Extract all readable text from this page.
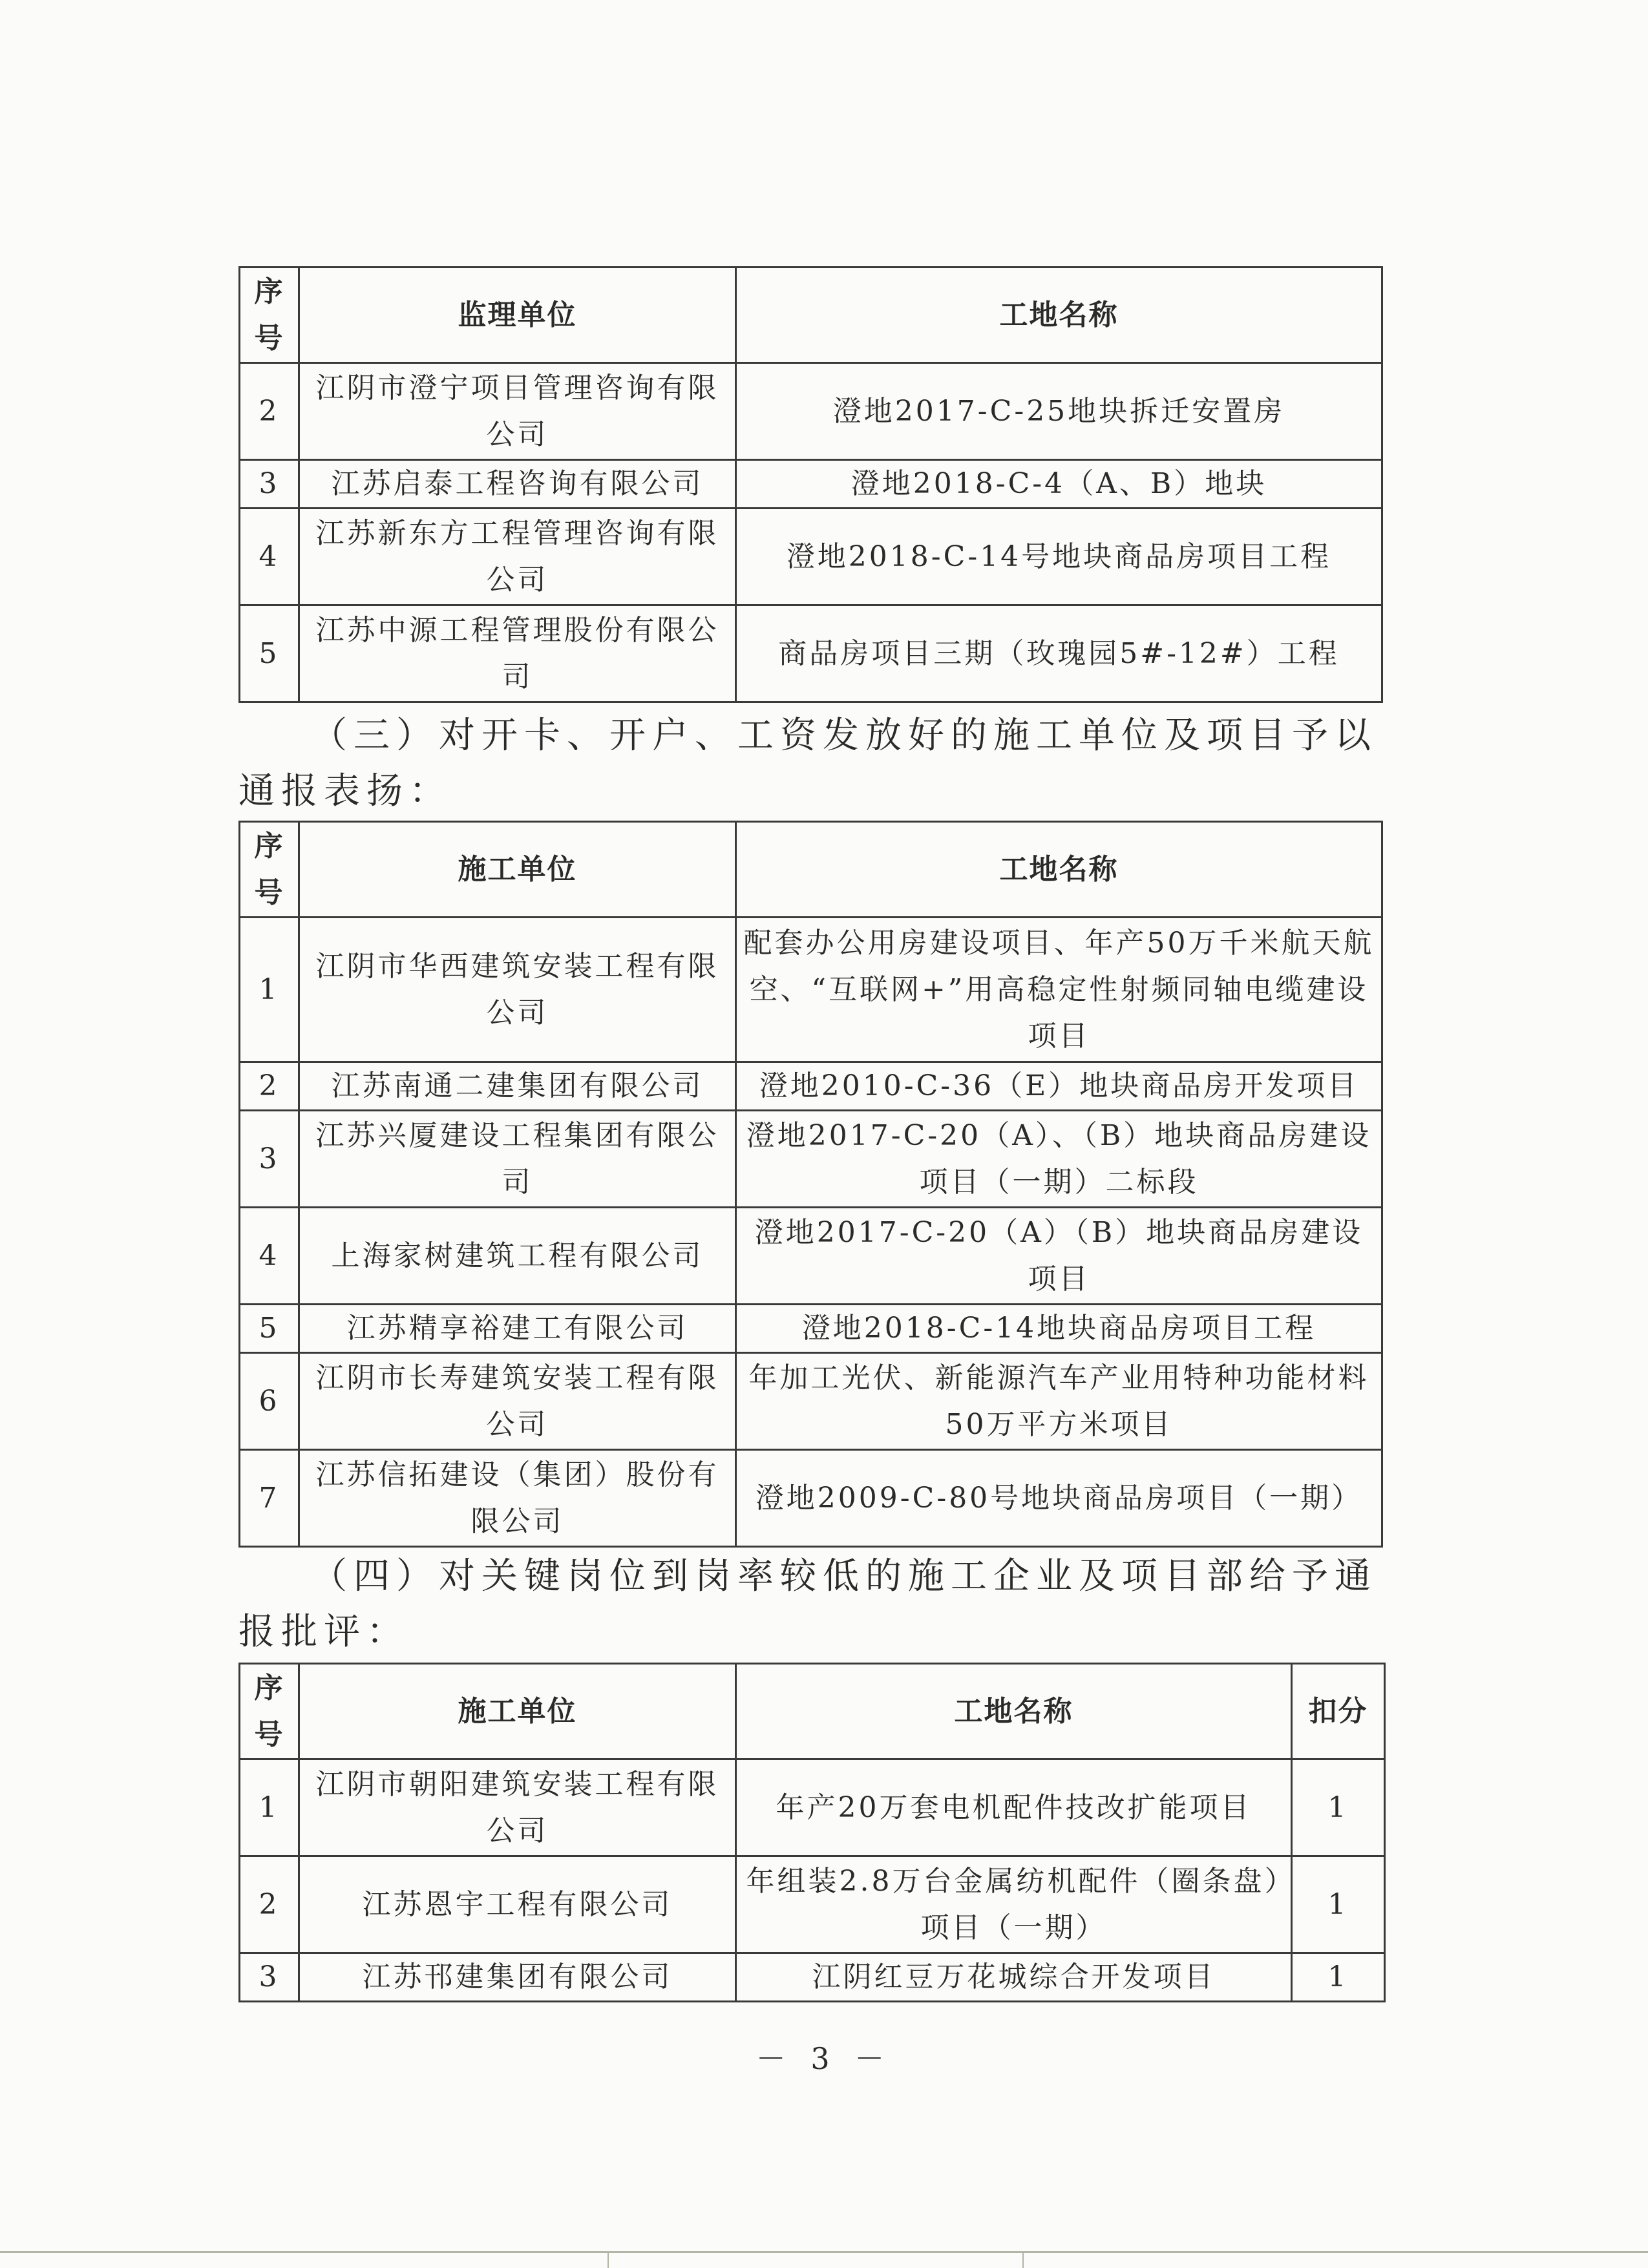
序号	监理单位	工地名称
2	江阴市澄宁项目管理咨询有限公司	澄地2017-C-25地块拆迁安置房
3	江苏启泰工程咨询有限公司	澄地2018-C-4（A、B）地块
4	江苏新东方工程管理咨询有限公司	澄地2018-C-14号地块商品房项目工程
5	江苏中源工程管理股份有限公司	商品房项目三期（玫瑰园5#-12#）工程

（三）对开卡、开户、工资发放好的施工单位及项目予以通报表扬：

序号	施工单位	工地名称
1	江阴市华西建筑安装工程有限公司	配套办公用房建设项目、年产50万千米航天航空、“互联网+”用高稳定性射频同轴电缆建设项目
2	江苏南通二建集团有限公司	澄地2010-C-36（E）地块商品房开发项目
3	江苏兴厦建设工程集团有限公司	澄地2017-C-20（A）、（B）地块商品房建设项目（一期）二标段
4	上海家树建筑工程有限公司	澄地2017-C-20（A）（B）地块商品房建设项目
5	江苏精享裕建工有限公司	澄地2018-C-14地块商品房项目工程
6	江阴市长寿建筑安装工程有限公司	年加工光伏、新能源汽车产业用特种功能材料50万平方米项目
7	江苏信拓建设（集团）股份有限公司	澄地2009-C-80号地块商品房项目（一期）

（四）对关键岗位到岗率较低的施工企业及项目部给予通报批评：

序号	施工单位	工地名称	扣分
1	江阴市朝阳建筑安装工程有限公司	年产20万套电机配件技改扩能项目	1
2	江苏恩宇工程有限公司	年组装2.8万台金属纺机配件（圈条盘）项目（一期）	1
3	江苏邗建集团有限公司	江阴红豆万花城综合开发项目	1
－ 3 －
